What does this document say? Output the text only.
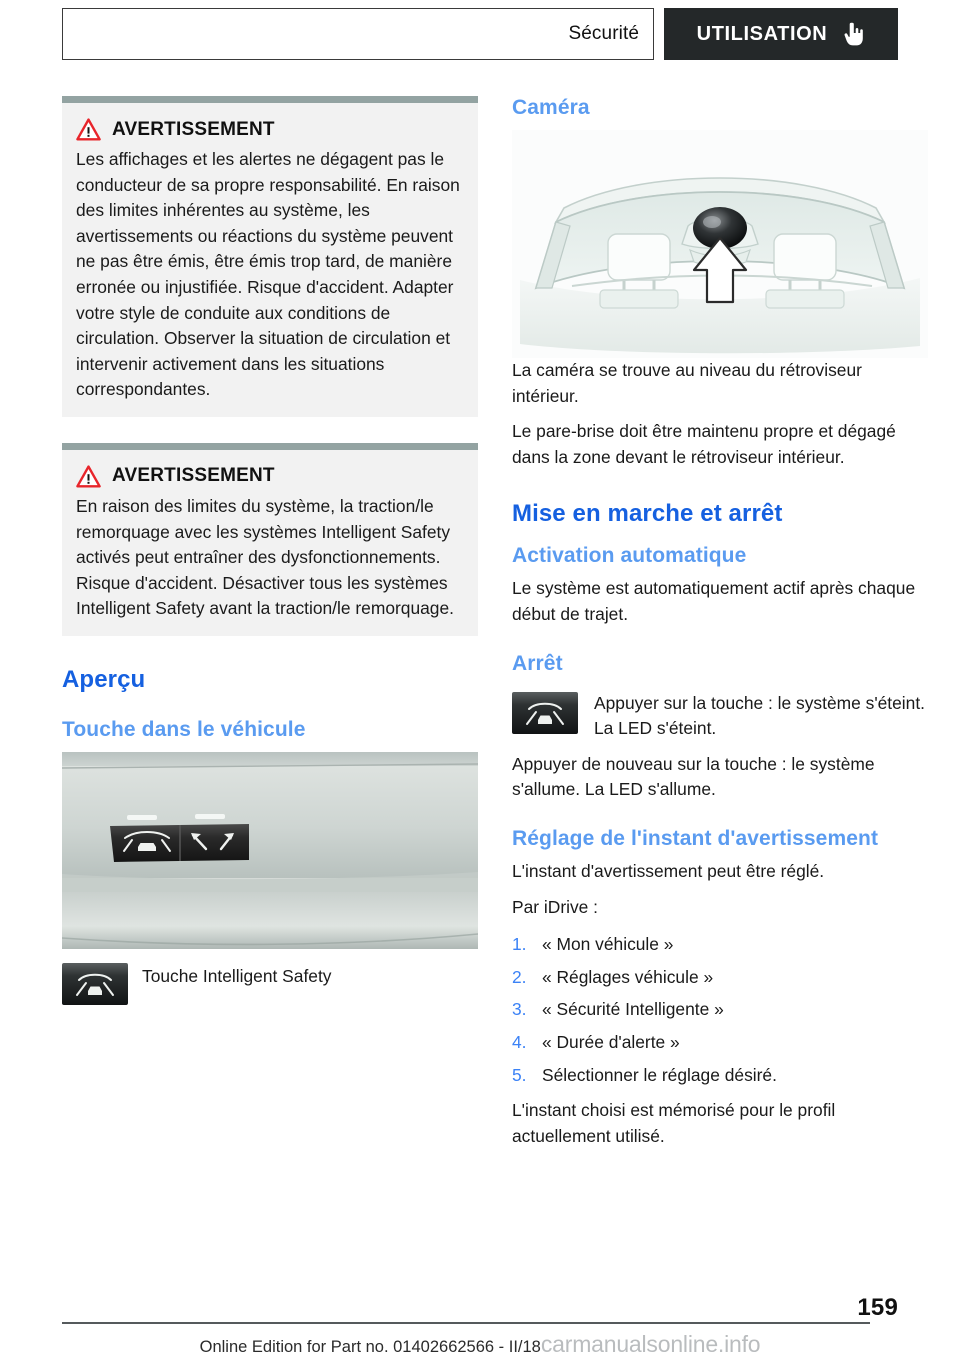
Sécurité	UTILISATION
AVERTISSEMENT
Les affichages et les alertes ne dégagent pas le conducteur de sa propre responsabilité. En raison des limites inhérentes au système, les avertissements ou réactions du système peuvent ne pas être émis, être émis trop tard, de manière erronée ou injustifiée. Risque d'accident. Adapter votre style de conduite aux conditions de circulation. Observer la situation de circulation et intervenir activement dans les situations correspondantes.
AVERTISSEMENT
En raison des limites du système, la traction/le remorquage avec les systèmes Intelligent Safety activés peut entraîner des dysfonctionnements. Risque d'accident. Désactiver tous les systèmes Intelligent Safety avant la traction/le remorquage.
Aperçu
Touche dans le véhicule
Touche Intelligent Safety
Caméra

La caméra se trouve au niveau du rétroviseur intérieur.

Le pare-brise doit être maintenu propre et dégagé dans la zone devant le rétroviseur intérieur.

Mise en marche et arrêt
Activation automatique

Le système est automatiquement actif après chaque début de trajet.

Arrêt
Appuyer sur la touche : le système s'éteint. La LED s'éteint.

Appuyer de nouveau sur la touche : le système s'allume. La LED s'allume.

Réglage de l'instant d'avertissement

L'instant d'avertissement peut être réglé.

Par iDrive :

1. « Mon véhicule »
2. « Réglages véhicule »
3. « Sécurité Intelligente »
4. « Durée d'alerte »
5. Sélectionner le réglage désiré.

L'instant choisi est mémorisé pour le profil actuellement utilisé.

159
Online Edition for Part no. 01402662566 - II/18carmanualsonline.info
